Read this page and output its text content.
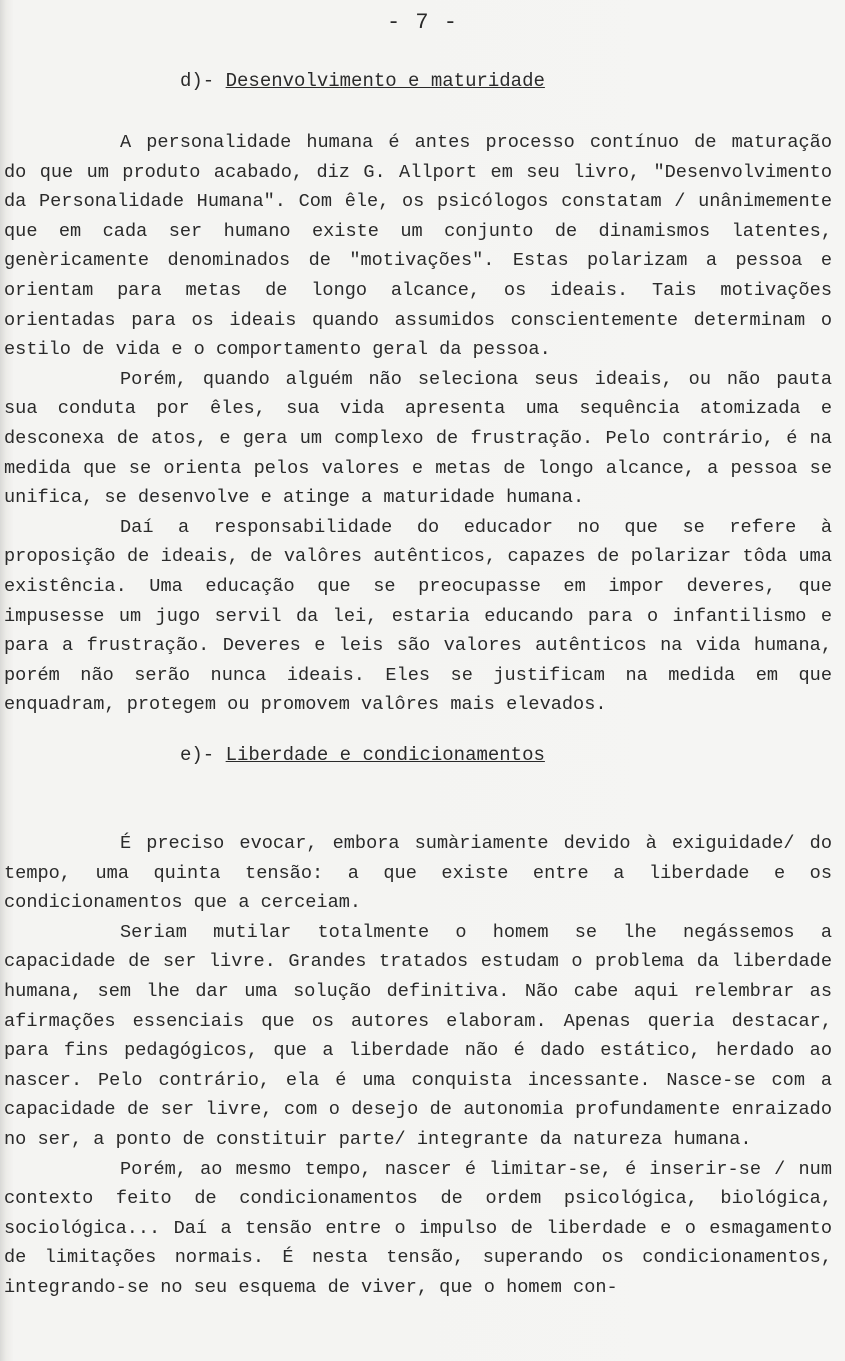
- 7 -
d)- Desenvolvimento e maturidade

A personalidade humana é antes processo contínuo de maturação do que um produto acabado, diz G. Allport em seu livro, "Desenvolvimento da Personalidade Humana". Com êle, os psicólogos constatam / unânimemente que em cada ser humano existe um conjunto de dinamismos latentes, genèricamente denominados de "motivações". Estas polarizam a pessoa e orientam para metas de longo alcance, os ideais. Tais motivações orientadas para os ideais quando assumidos conscientemente determinam o estilo de vida e o comportamento geral da pessoa.

Porém, quando alguém não seleciona seus ideais, ou não pauta sua conduta por êles, sua vida apresenta uma sequência atomizada e desconexa de atos, e gera um complexo de frustração. Pelo contrário, é na medida que se orienta pelos valores e metas de longo alcance, a pessoa se unifica, se desenvolve e atinge a maturidade humana.

Daí a responsabilidade do educador no que se refere à proposição de ideais, de valôres autênticos, capazes de polarizar tôda uma existência. Uma educação que se preocupasse em impor deveres, que impusesse um jugo servil da lei, estaria educando para o infantilismo e para a frustração. Deveres e leis são valores autênticos na vida humana, porém não serão nunca ideais. Eles se justificam na medida em que enquadram, protegem ou promovem valôres mais elevados.

e)- Liberdade e condicionamentos

É preciso evocar, embora sumàriamente devido à exiguidade/ do tempo, uma quinta tensão: a que existe entre a liberdade e os condicionamentos que a cerceiam.

Seriam mutilar totalmente o homem se lhe negássemos a capacidade de ser livre. Grandes tratados estudam o problema da liberdade humana, sem lhe dar uma solução definitiva. Não cabe aqui relembrar as afirmações essenciais que os autores elaboram. Apenas queria destacar, para fins pedagógicos, que a liberdade não é dado estático, herdado ao nascer. Pelo contrário, ela é uma conquista incessante. Nasce-se com a capacidade de ser livre, com o desejo de autonomia profundamente enraizado no ser, a ponto de constituir parte/ integrante da natureza humana.

Porém, ao mesmo tempo, nascer é limitar-se, é inserir-se / num contexto feito de condicionamentos de ordem psicológica, biológica, sociológica... Daí a tensão entre o impulso de liberdade e o esmagamento de limitações normais. É nesta tensão, superando os condicionamentos, integrando-se no seu esquema de viver, que o homem con-
